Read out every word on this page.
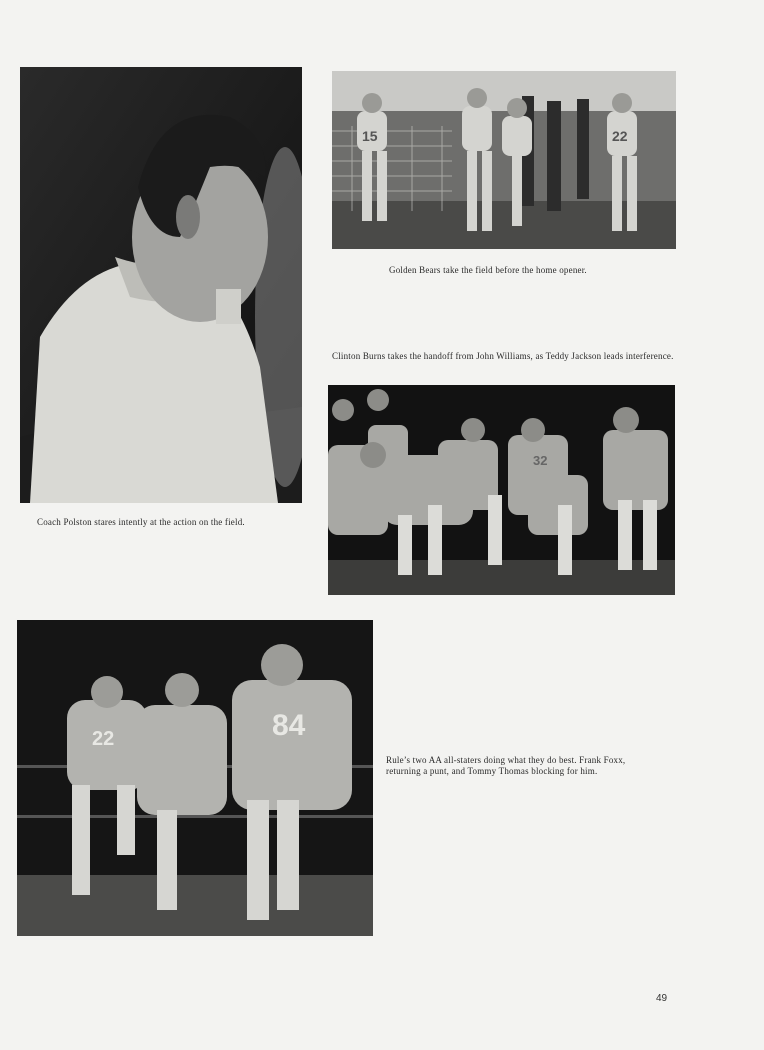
Coach Polston stares intently at the action on the field.
15	22
Golden Bears take the field before the home opener.
Clinton Burns takes the handoff from John Williams, as Teddy Jackson leads interference.
32
22	84
Rule’s two AA all-staters doing what they do best. Frank Foxx, returning a punt, and Tommy Thomas blocking for him.
49
